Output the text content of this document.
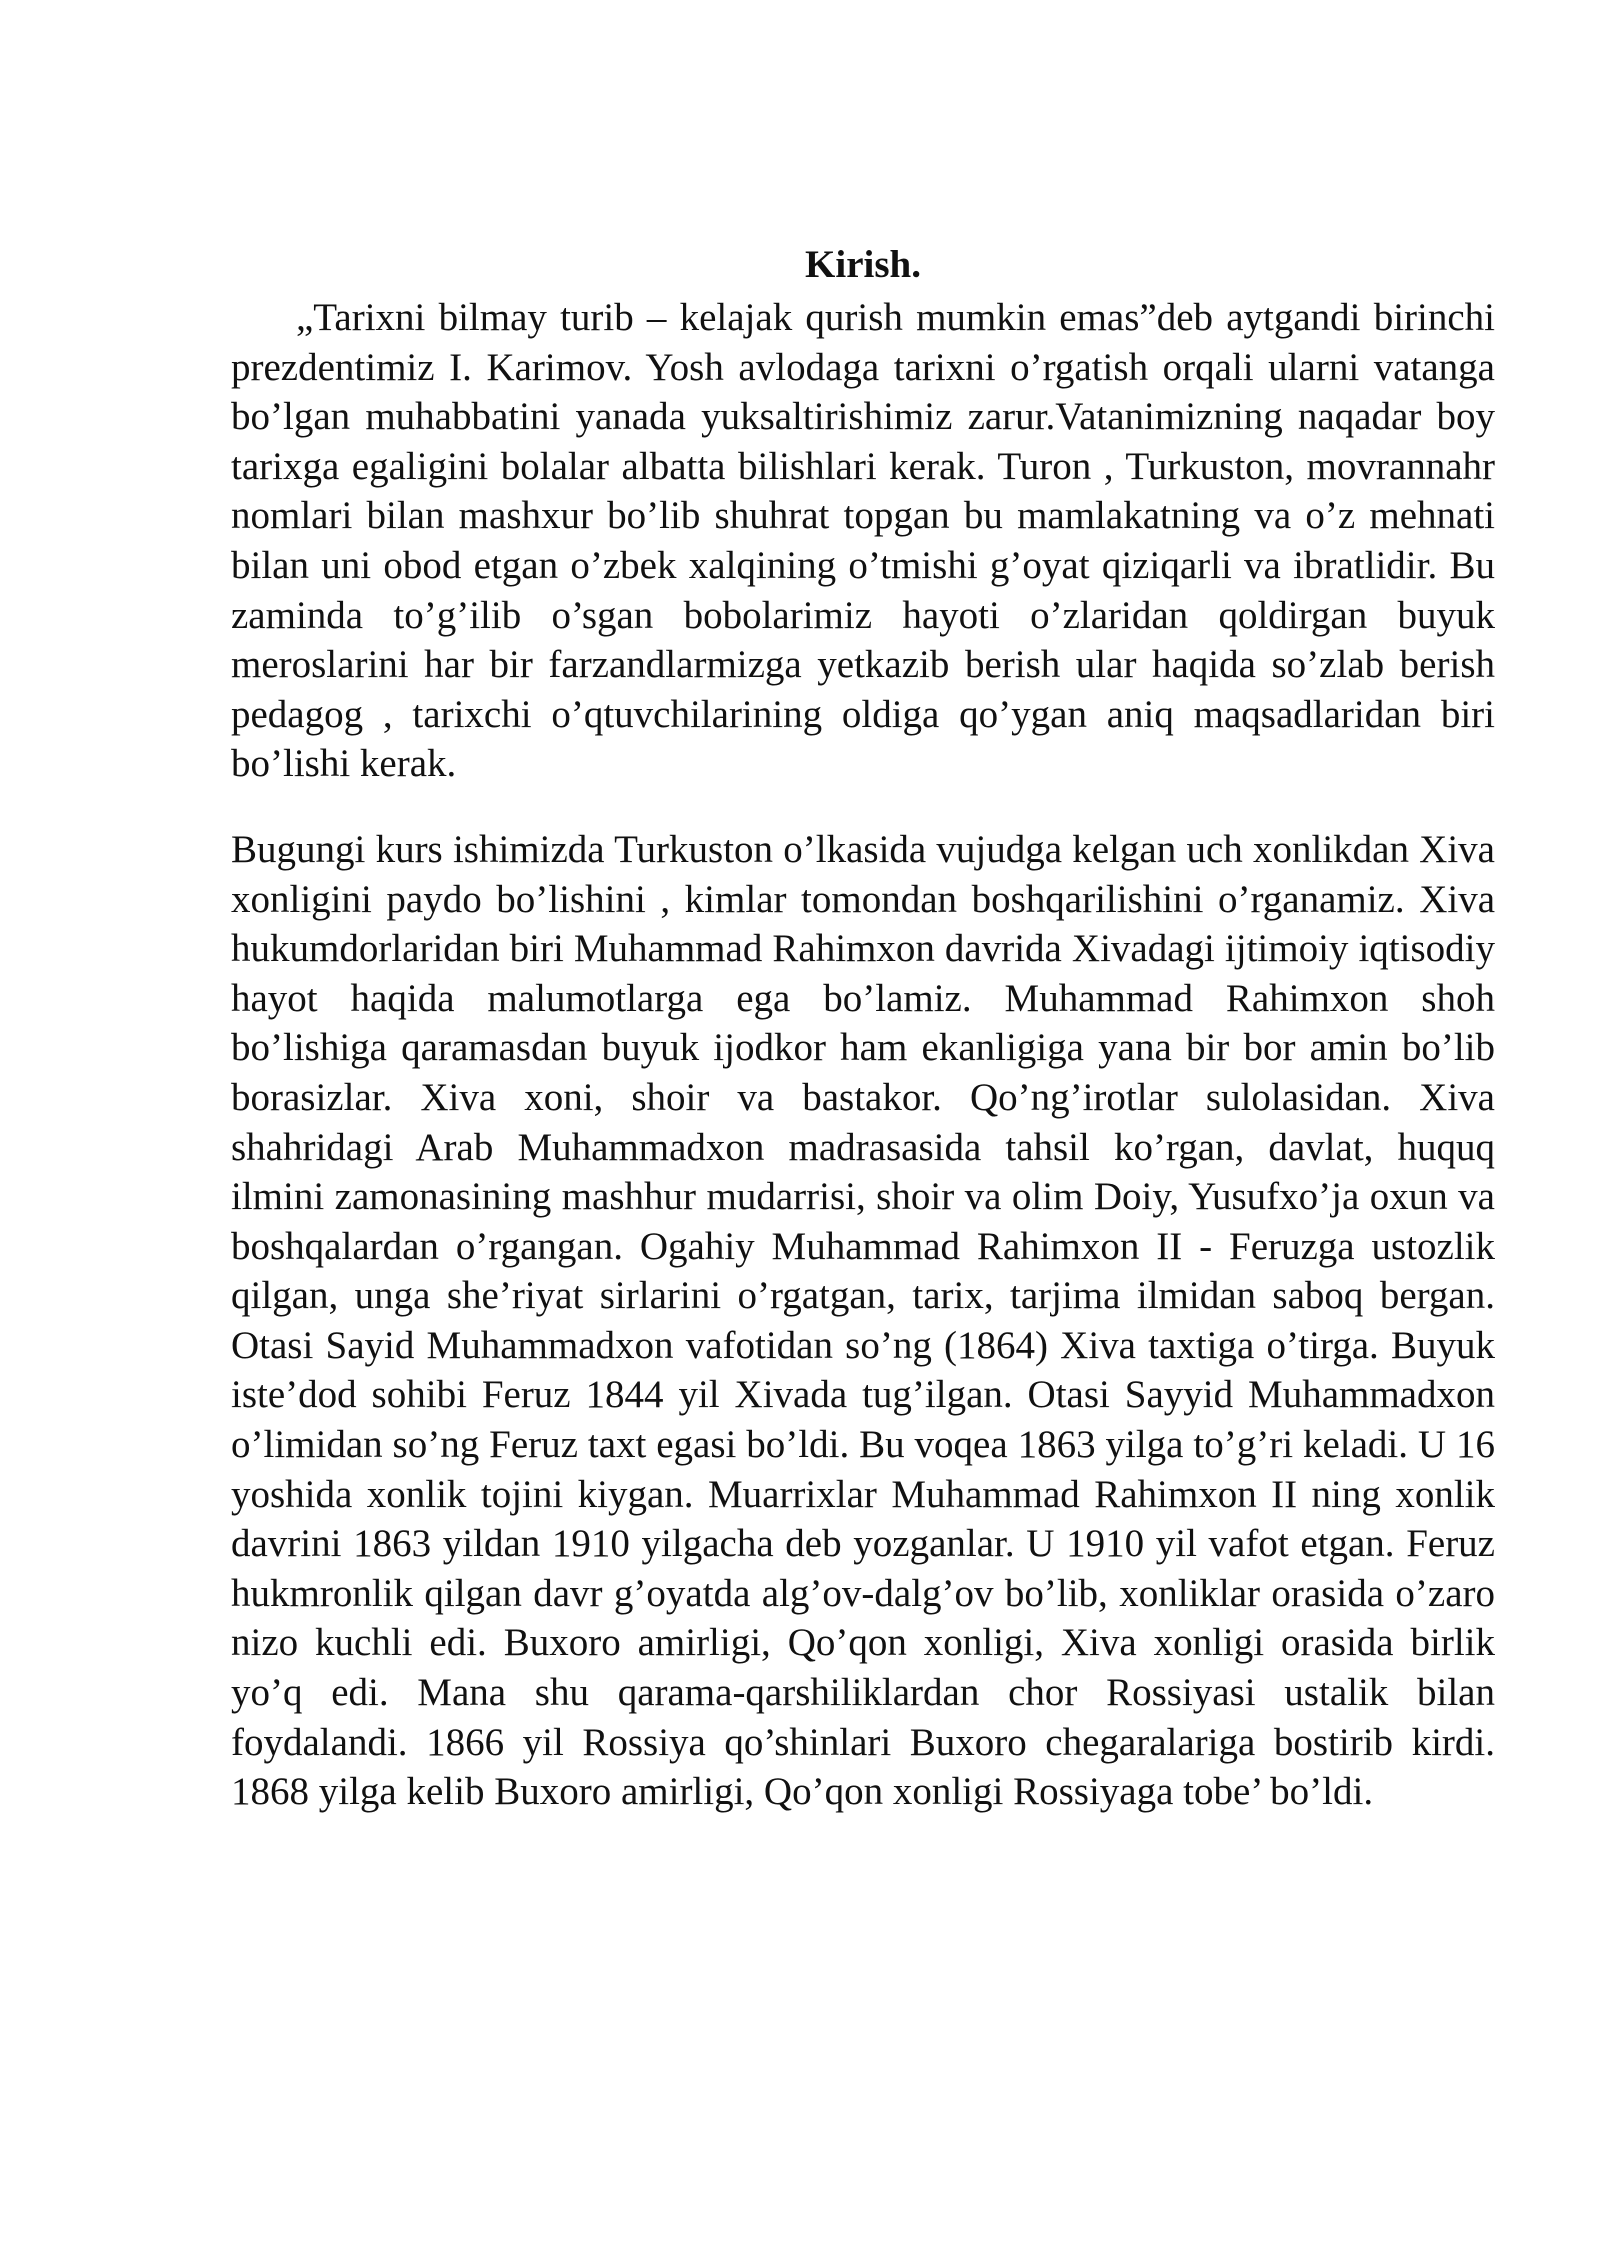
Kirish.

„Tarixni bilmay turib – kelajak qurish mumkin emas”deb aytgandi birinchi prezdentimiz I. Karimov. Yosh avlodaga tarixni o’rgatish orqali ularni vatanga bo’lgan muhabbatini yanada yuksaltirishimiz zarur.Vatanimizning naqadar boy tarixga egaligini bolalar albatta bilishlari kerak. Turon , Turkuston, movrannahr nomlari bilan mashxur bo’lib shuhrat topgan bu mamlakatning va o’z mehnati bilan uni obod etgan o’zbek xalqining o’tmishi g’oyat qiziqarli va ibratlidir. Bu zaminda to’g’ilib o’sgan bobolarimiz hayoti o’zlaridan qoldirgan buyuk meroslarini har bir farzandlarmizga yetkazib berish ular haqida so’zlab berish pedagog , tarixchi o’qtuvchilarining oldiga qo’ygan aniq maqsadlaridan biri bo’lishi kerak.

Bugungi kurs ishimizda Turkuston o’lkasida vujudga kelgan uch xonlikdan Xiva xonligini paydo bo’lishini , kimlar tomondan boshqarilishini o’rganamiz. Xiva hukumdorlaridan biri Muhammad Rahimxon davrida Xivadagi ijtimoiy iqtisodiy hayot haqida malumotlarga ega bo’lamiz. Muhammad Rahimxon shoh bo’lishiga qaramasdan buyuk ijodkor ham ekanligiga yana bir bor amin bo’lib borasizlar. Xiva xoni, shoir va bastakor. Qo’ng’irotlar sulolasidan. Xiva shahridagi Arab Muhammadxon madrasasida tahsil ko’rgan, davlat, huquq ilmini zamonasining mashhur mudarrisi, shoir va olim Doiy, Yusufxo’ja oxun va boshqalardan o’rgangan. Ogahiy Muhammad Rahimxon II - Feruzga ustozlik qilgan, unga she’riyat sirlarini o’rgatgan, tarix, tarjima ilmidan saboq bergan. Otasi Sayid Muhammadxon vafotidan so’ng (1864) Xiva taxtiga o’tirga. Buyuk iste’dod sohibi Feruz 1844 yil Xivada tug’ilgan. Otasi Sayyid Muhammadxon o’limidan so’ng Feruz taxt egasi bo’ldi. Bu voqea 1863 yilga to’g’ri keladi. U 16 yoshida xonlik tojini kiygan. Muarrixlar Muhammad Rahimxon II ning xonlik davrini 1863 yildan 1910 yilgacha deb yozganlar. U 1910 yil vafot etgan. Feruz hukmronlik qilgan davr g’oyatda alg’ov-dalg’ov bo’lib, xonliklar orasida o’zaro nizo kuchli edi. Buxoro amirligi, Qo’qon xonligi, Xiva xonligi orasida birlik yo’q edi. Mana shu qarama-qarshiliklardan chor Rossiyasi ustalik bilan foydalandi. 1866 yil Rossiya qo’shinlari Buxoro chegaralariga bostirib kirdi. 1868 yilga kelib Buxoro amirligi, Qo’qon xonligi Rossiyaga tobe’ bo’ldi.
